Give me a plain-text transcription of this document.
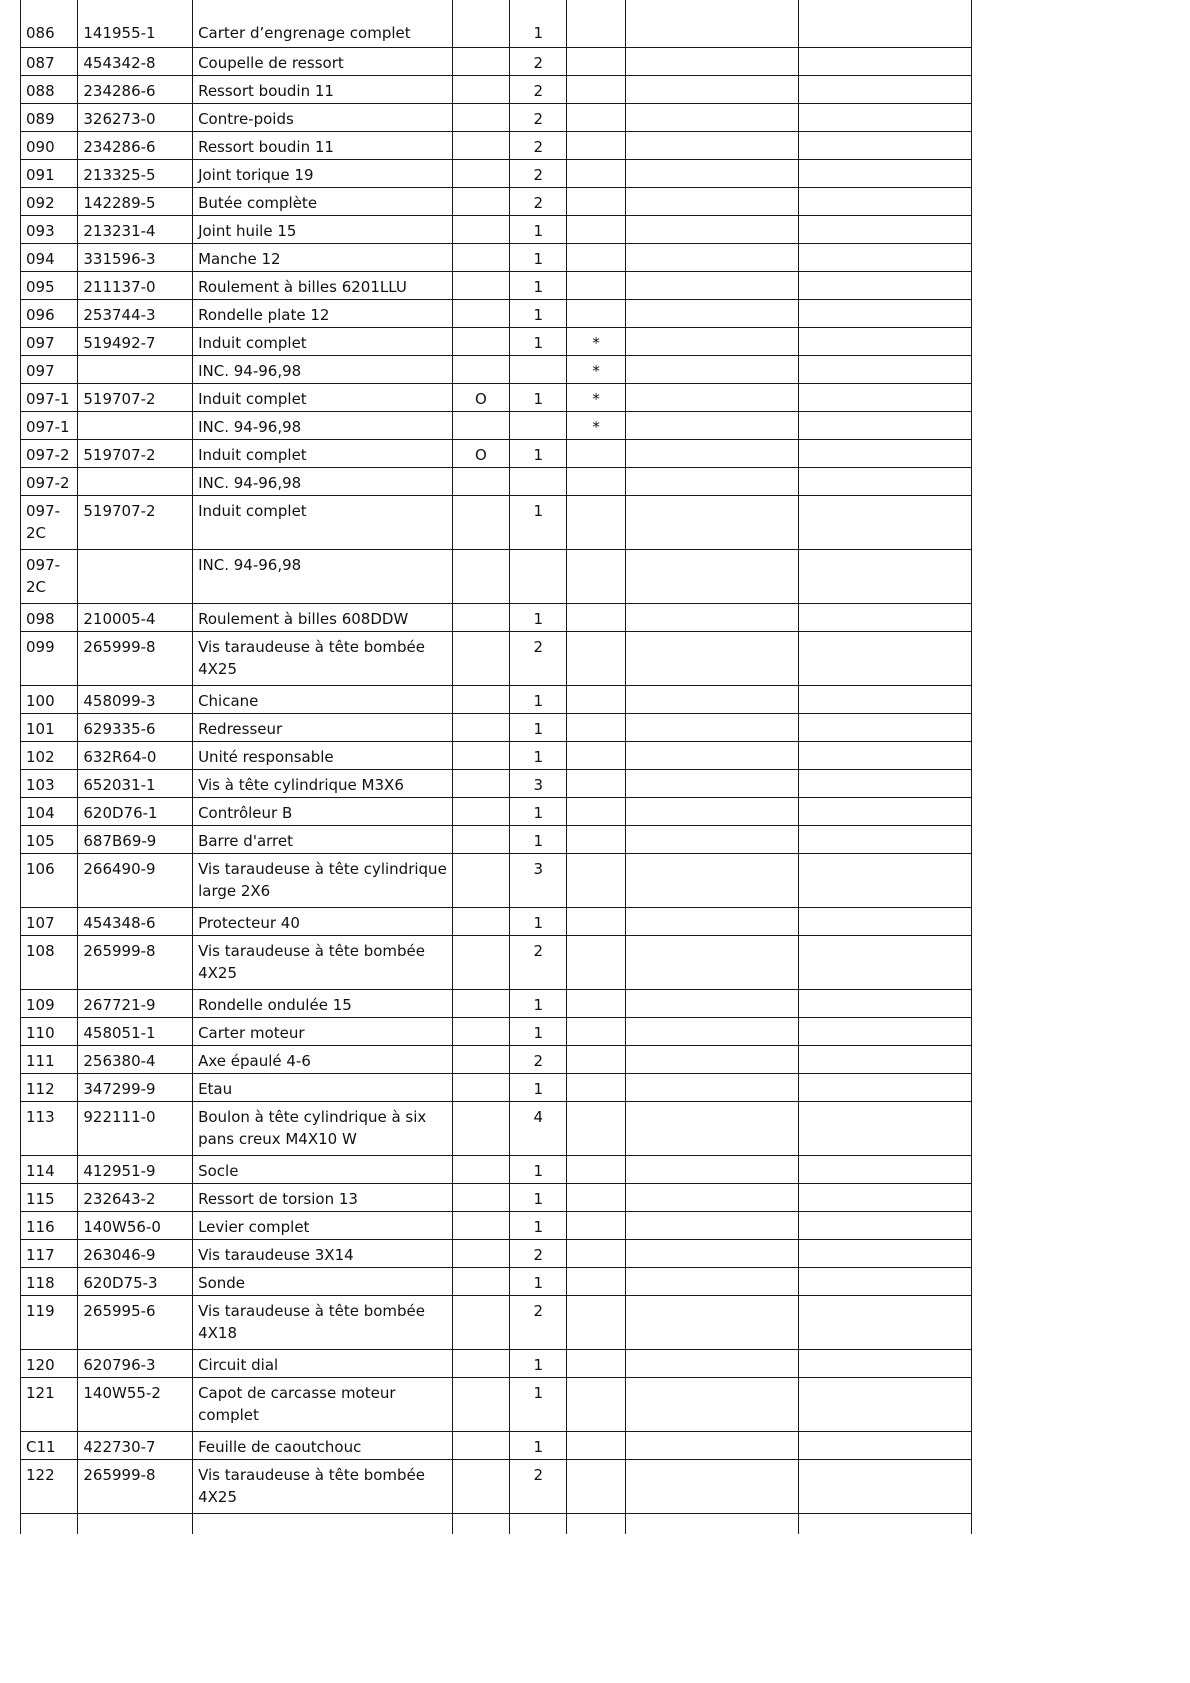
086	141955-1	Carter d’engrenage complet		1			
087	454342-8	Coupelle de ressort		2			
088	234286-6	Ressort boudin 11		2			
089	326273-0	Contre-poids		2			
090	234286-6	Ressort boudin 11		2			
091	213325-5	Joint torique 19		2			
092	142289-5	Butée complète		2			
093	213231-4	Joint huile 15		1			
094	331596-3	Manche 12		1			
095	211137-0	Roulement à billes 6201LLU		1			
096	253744-3	Rondelle plate 12		1			
097	519492-7	Induit complet		1	*		
097		INC. 94-96,98			*		
097-1	519707-2	Induit complet	O	1	*		
097-1		INC. 94-96,98			*		
097-2	519707-2	Induit complet	O	1			
097-2		INC. 94-96,98					
097-2C	519707-2	Induit complet		1			
097-2C		INC. 94-96,98					
098	210005-4	Roulement à billes 608DDW		1			
099	265999-8	Vis taraudeuse à tête bombée 4X25		2			
100	458099-3	Chicane		1			
101	629335-6	Redresseur		1			
102	632R64-0	Unité responsable		1			
103	652031-1	Vis à tête cylindrique M3X6		3			
104	620D76-1	Contrôleur B		1			
105	687B69-9	Barre d'arret		1			
106	266490-9	Vis taraudeuse à tête cylindrique large 2X6		3			
107	454348-6	Protecteur 40		1			
108	265999-8	Vis taraudeuse à tête bombée 4X25		2			
109	267721-9	Rondelle ondulée 15		1			
110	458051-1	Carter moteur		1			
111	256380-4	Axe épaulé 4-6		2			
112	347299-9	Etau		1			
113	922111-0	Boulon à tête cylindrique à six pans creux M4X10 W		4			
114	412951-9	Socle		1			
115	232643-2	Ressort de torsion 13		1			
116	140W56-0	Levier complet		1			
117	263046-9	Vis taraudeuse 3X14		2			
118	620D75-3	Sonde		1			
119	265995-6	Vis taraudeuse à tête bombée 4X18		2			
120	620796-3	Circuit dial		1			
121	140W55-2	Capot de carcasse moteur complet		1			
C11	422730-7	Feuille de caoutchouc		1			
122	265999-8	Vis taraudeuse à tête bombée 4X25		2			
